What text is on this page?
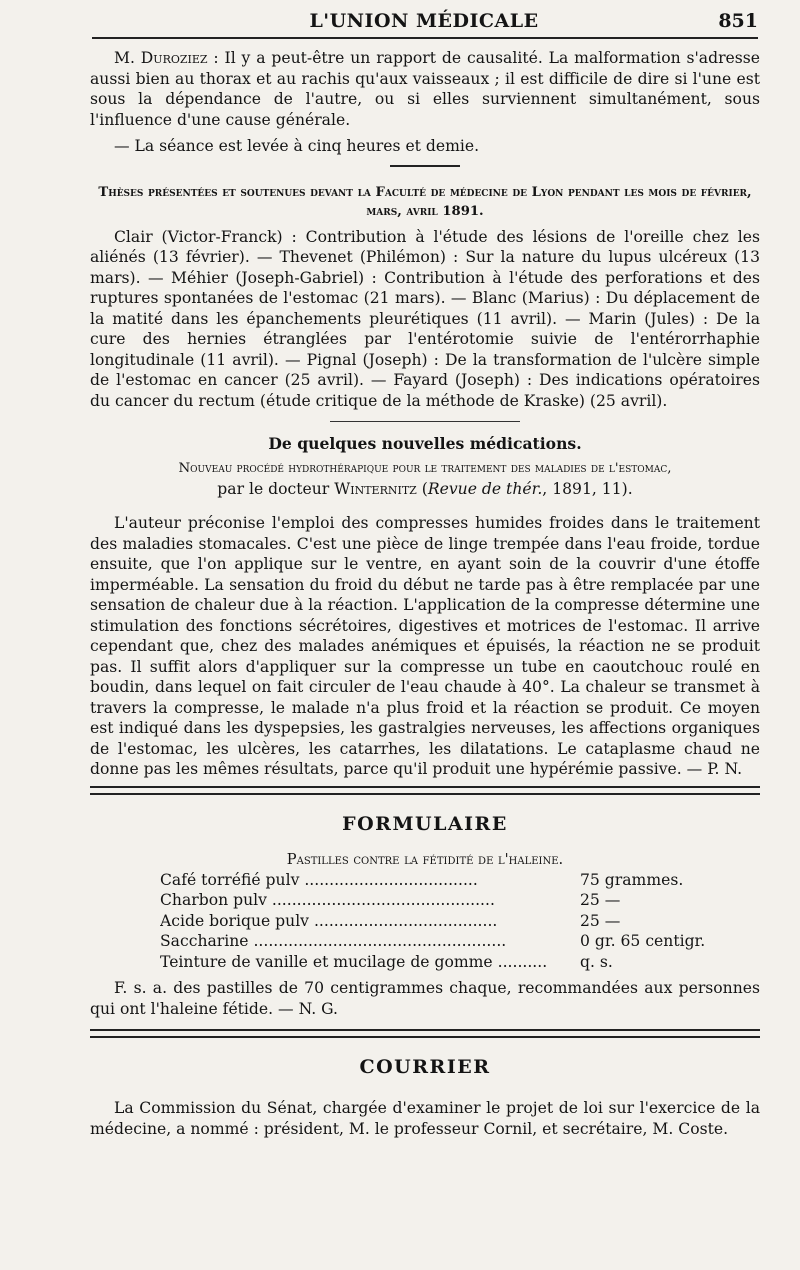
L'UNION MÉDICALE	851

M. Duroziez : Il y a peut-être un rapport de causalité. La malformation s'adresse aussi bien au thorax et au rachis qu'aux vaisseaux ; il est difficile de dire si l'une est sous la dépendance de l'autre, ou si elles surviennent simultanément, sous l'influence d'une cause générale.

— La séance est levée à cinq heures et demie.

Thèses présentées et soutenues devant la Faculté de médecine de Lyon pendant les mois de février, mars, avril 1891.

Clair (Victor-Franck) : Contribution à l'étude des lésions de l'oreille chez les aliénés (13 février). — Thevenet (Philémon) : Sur la nature du lupus ulcéreux (13 mars). — Méhier (Joseph-Gabriel) : Contribution à l'étude des perforations et des ruptures spontanées de l'estomac (21 mars). — Blanc (Marius) : Du déplacement de la matité dans les épanchements pleurétiques (11 avril). — Marin (Jules) : De la cure des hernies étranglées par l'entérotomie suivie de l'entérorrhaphie longitudinale (11 avril). — Pignal (Joseph) : De la transformation de l'ulcère simple de l'estomac en cancer (25 avril). — Fayard (Joseph) : Des indications opératoires du cancer du rectum (étude critique de la méthode de Kraske) (25 avril).

De quelques nouvelles médications.
Nouveau procédé hydrothérapique pour le traitement des maladies de l'estomac,
par le docteur Winternitz (Revue de thér., 1891, 11).

L'auteur préconise l'emploi des compresses humides froides dans le traitement des maladies stomacales. C'est une pièce de linge trempée dans l'eau froide, tordue ensuite, que l'on applique sur le ventre, en ayant soin de la couvrir d'une étoffe imperméable. La sensation du froid du début ne tarde pas à être remplacée par une sensation de chaleur due à la réaction. L'application de la compresse détermine une stimulation des fonctions sécrétoires, digestives et motrices de l'estomac. Il arrive cependant que, chez des malades anémiques et épuisés, la réaction ne se produit pas. Il suffit alors d'appliquer sur la compresse un tube en caoutchouc roulé en boudin, dans lequel on fait circuler de l'eau chaude à 40°. La chaleur se transmet à travers la compresse, le malade n'a plus froid et la réaction se produit. Ce moyen est indiqué dans les dyspepsies, les gastralgies nerveuses, les affections organiques de l'estomac, les ulcères, les catarrhes, les dilatations. Le cataplasme chaud ne donne pas les mêmes résultats, parce qu'il produit une hypérémie passive. — P. N.

FORMULAIRE
Pastilles contre la fétidité de l'haleine.
Café torréfié pulv ...................................	75 grammes.
Charbon pulv .............................................	25 —
Acide borique pulv .....................................	25 —
Saccharine ...................................................	0 gr. 65 centigr.
Teinture de vanille et mucilage de gomme ..........	q. s.

F. s. a. des pastilles de 70 centigrammes chaque, recommandées aux personnes qui ont l'haleine fétide. — N. G.

COURRIER

La Commission du Sénat, chargée d'examiner le projet de loi sur l'exercice de la médecine, a nommé : président, M. le professeur Cornil, et secrétaire, M. Coste.
